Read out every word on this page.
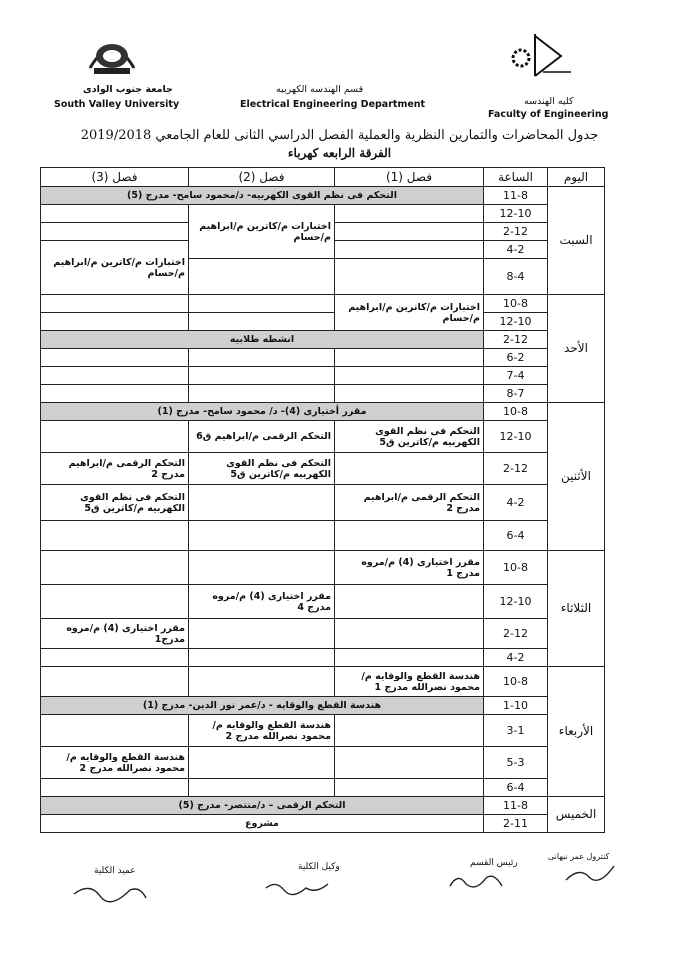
جامعة جنوب الوادى
South Valley University
قسم الهندسه الكهربيه
Electrical Engineering Department	كليه الهندسه
Faculty of Engineering
جدول المحاضرات والتمارين النظرية والعملية الفصل الدراسي الثانى للعام الجامعي 2019/2018
الفرقة الرابعه كهرباء
اليوم	الساعة	فصل (1)	فصل (2)	فصل (3)
السبت	11-8	التحكم فى نظم القوى الكهربيه- د/محمود سامح- مدرج (5)		
	12-10		اختبارات م/كاترين م/ابراهيم م/حسام	
	2-12			
	4-2			اختبارات م/كاترين م/ابراهيم م/حسام
	8-4			
الأحد	10-8	اختبارات م/كاترين م/ابراهيم م/حسام		
	12-10			
	2-12	انشطه طلابيه		
	6-2			
	7-4			
	8-7			
الأثنين	10-8	مقرر أختيارى (4)- د/ محمود سامح- مدرج (1)		
	12-10	التحكم فى نظم القوى الكهربيه م/كاترين ق5	التحكم الرقمى م/ابراهيم ق6	
	2-12		التحكم فى نظم القوى الكهربيه م/كاترين ق5	التحكم الرقمى م/ابراهيم مدرج 2
	4-2	التحكم الرقمى م/ابراهيم مدرج 2		التحكم فى نظم القوى الكهربيه م/كاترين ق5
	6-4			
الثلاثاء	10-8	مقرر اختيارى (4) م/مروه مدرج 1		
	12-10		مقرر اختيارى (4) م/مروه مدرج 4	
	2-12			مقرر اختيارى (4) م/مروه مدرج1
	4-2			
الأربعاء	10-8	هندسة القطع والوقايه م/محمود نصرالله مدرج 1		
	1-10	هندسة القطع والوقايه - د/عمر نور الدين- مدرج (1)		
	3-1		هندسة القطع والوقايه م/محمود نصرالله مدرج 2	
	5-3			هندسة القطع والوقايه م/محمود نصرالله مدرج 2
	6-4			
الخميس	11-8	التحكم الرقمى – د/منتصر- مدرج (5)		
	2-11	مشروع		
عميد الكلية	وكيل الكلية	رئيس القسم
كنترول عمر نبهانى
